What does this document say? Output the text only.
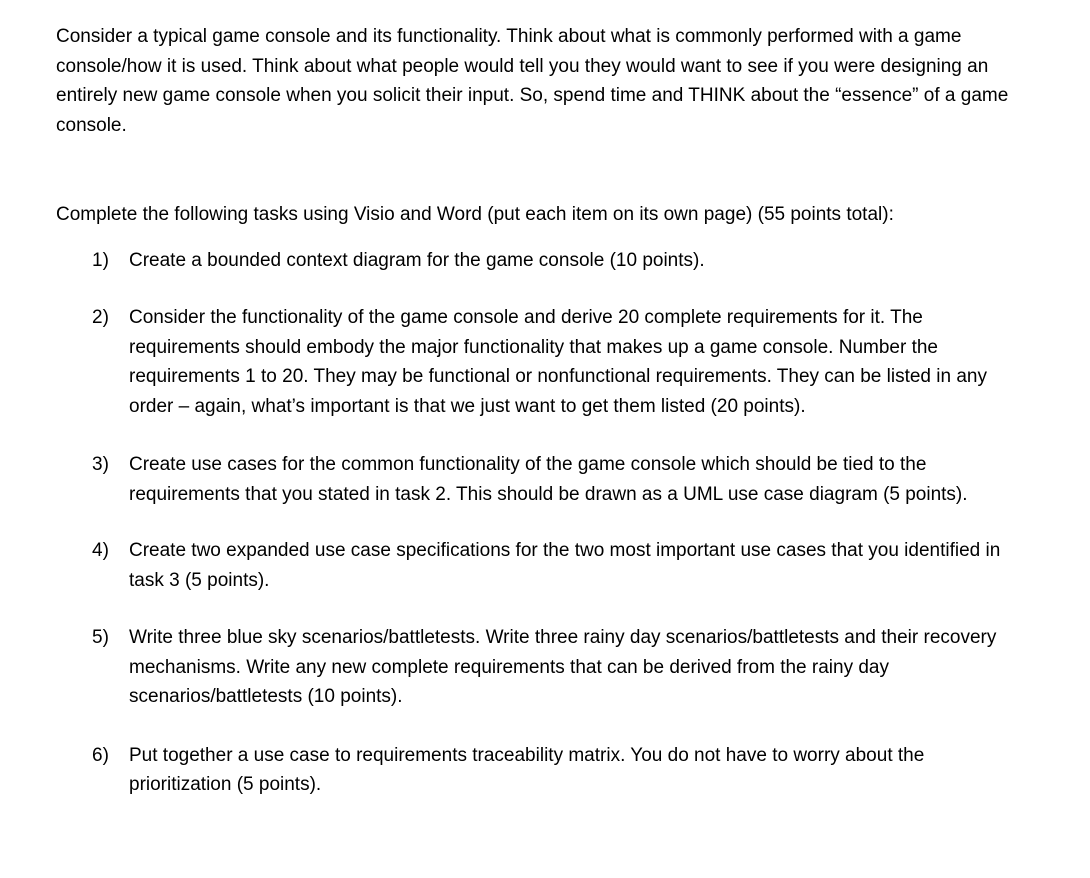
Consider a typical game console and its functionality. Think about what is commonly performed with a game console/how it is used. Think about what people would tell you they would want to see if you were designing an entirely new game console when you solicit their input. So, spend time and THINK about the “essence” of a game console.

Complete the following tasks using Visio and Word (put each item on its own page) (55 points total):

1) Create a bounded context diagram for the game console (10 points).
2) Consider the functionality of the game console and derive 20 complete requirements for it. The requirements should embody the major functionality that makes up a game console. Number the requirements 1 to 20. They may be functional or nonfunctional requirements. They can be listed in any order – again, what’s important is that we just want to get them listed (20 points).
3) Create use cases for the common functionality of the game console which should be tied to the requirements that you stated in task 2. This should be drawn as a UML use case diagram (5 points).
4) Create two expanded use case specifications for the two most important use cases that you identified in task 3 (5 points).
5) Write three blue sky scenarios/battletests. Write three rainy day scenarios/battletests and their recovery mechanisms. Write any new complete requirements that can be derived from the rainy day scenarios/battletests (10 points).
6) Put together a use case to requirements traceability matrix. You do not have to worry about the prioritization (5 points).
